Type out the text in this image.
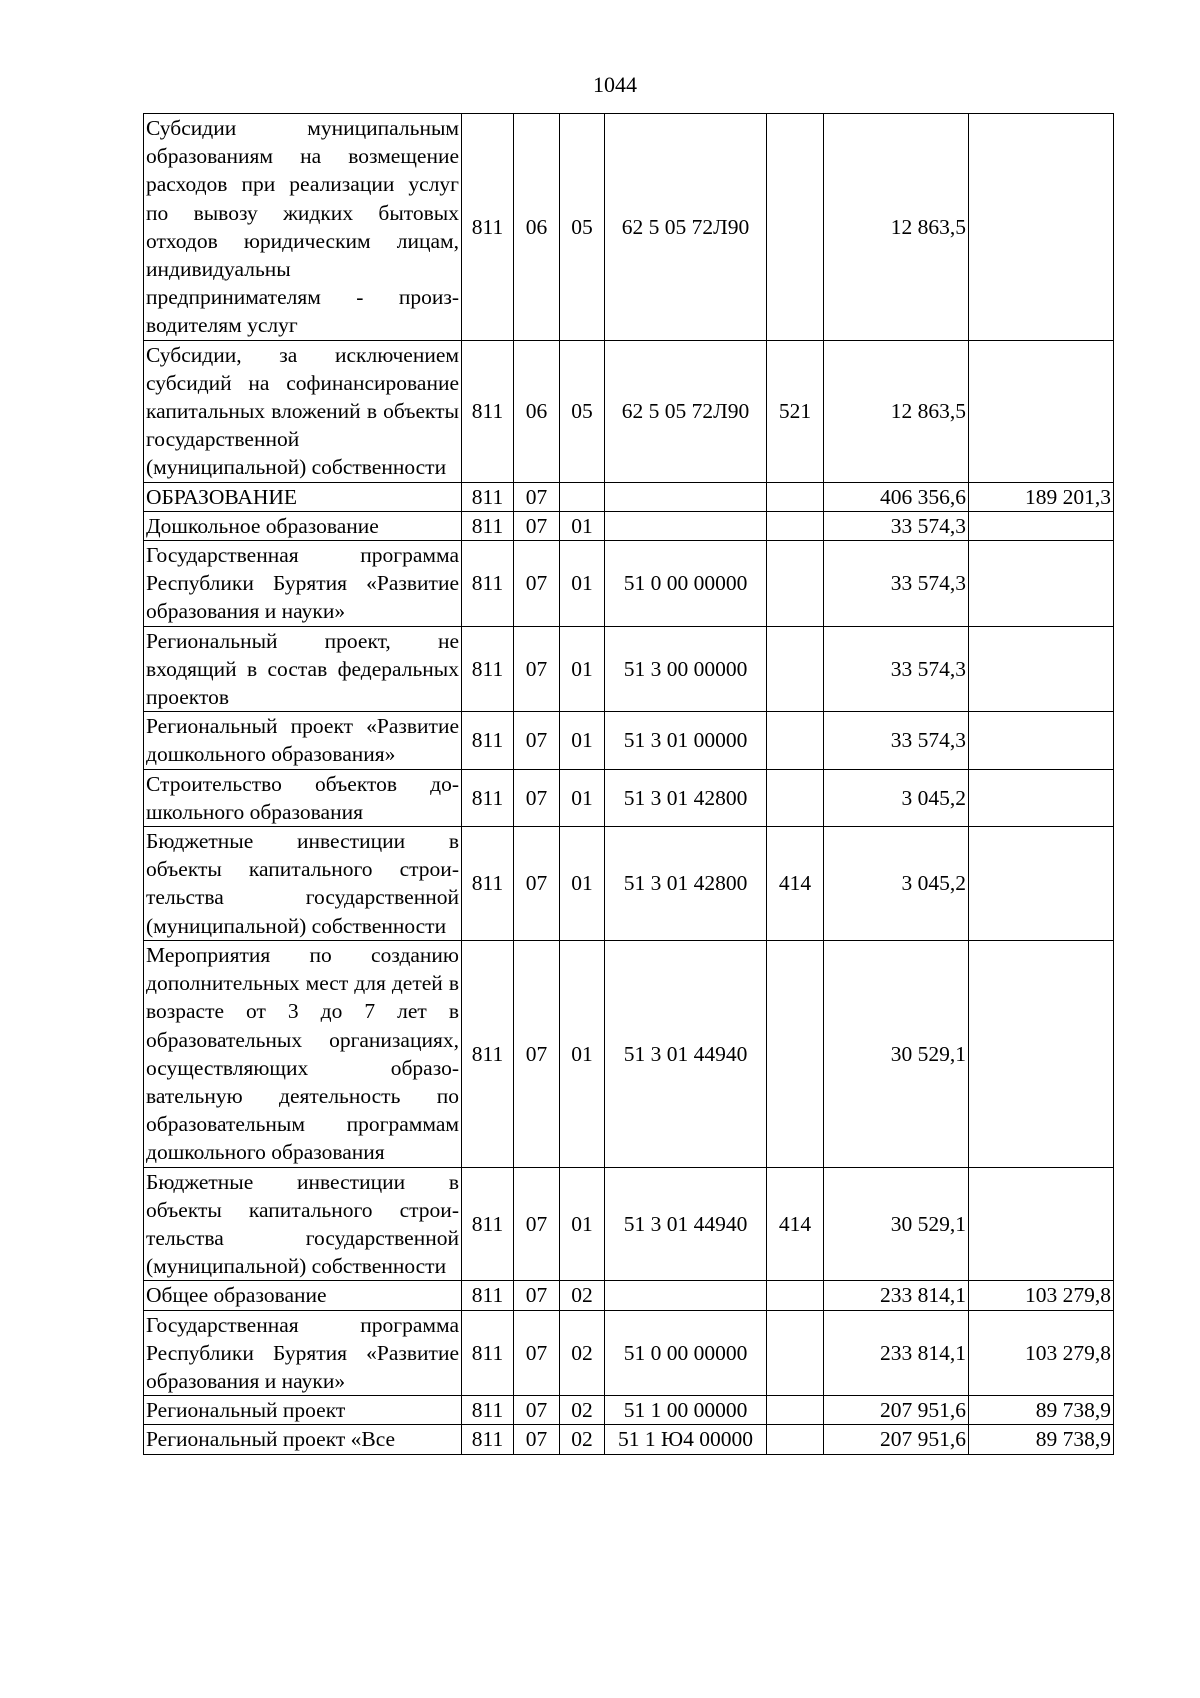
1044
Субсидии муниципальным образованиям на возмещение расходов при реализации услуг по вывозу жидких бытовых отходов юридическим лицам, индивидуальны предпринимателям - производителям услуг	811	06	05	62 5 05 72Л90		12 863,5	
Субсидии, за исключением субсидий на софинансирование капитальных вложений в объекты государственной (муниципальной) собственности	811	06	05	62 5 05 72Л90	521	12 863,5	
ОБРАЗОВАНИЕ	811	07				406 356,6	189 201,3
Дошкольное образование	811	07	01			33 574,3	
Государственная программа Республики Бурятия «Развитие образования и науки»	811	07	01	51 0 00 00000		33 574,3	
Региональный проект, не входящий в состав федеральных проектов	811	07	01	51 3 00 00000		33 574,3	
Региональный проект «Развитие дошкольного образования»	811	07	01	51 3 01 00000		33 574,3	
Строительство объектов дошкольного образования	811	07	01	51 3 01 42800		3 045,2	
Бюджетные инвестиции в объекты капитального строительства государственной (муниципальной) собственности	811	07	01	51 3 01 42800	414	3 045,2	
Мероприятия по созданию дополнительных мест для детей в возрасте от 3 до 7 лет в образовательных организациях, осуществляющих образовательную деятельность по образовательным программам дошкольного образования	811	07	01	51 3 01 44940		30 529,1	
Бюджетные инвестиции в объекты капитального строительства государственной (муниципальной) собственности	811	07	01	51 3 01 44940	414	30 529,1	
Общее образование	811	07	02			233 814,1	103 279,8
Государственная программа Республики Бурятия «Развитие образования и науки»	811	07	02	51 0 00 00000		233 814,1	103 279,8
Региональный проект	811	07	02	51 1 00 00000		207 951,6	89 738,9
Региональный проект «Все	811	07	02	51 1 Ю4 00000		207 951,6	89 738,9
